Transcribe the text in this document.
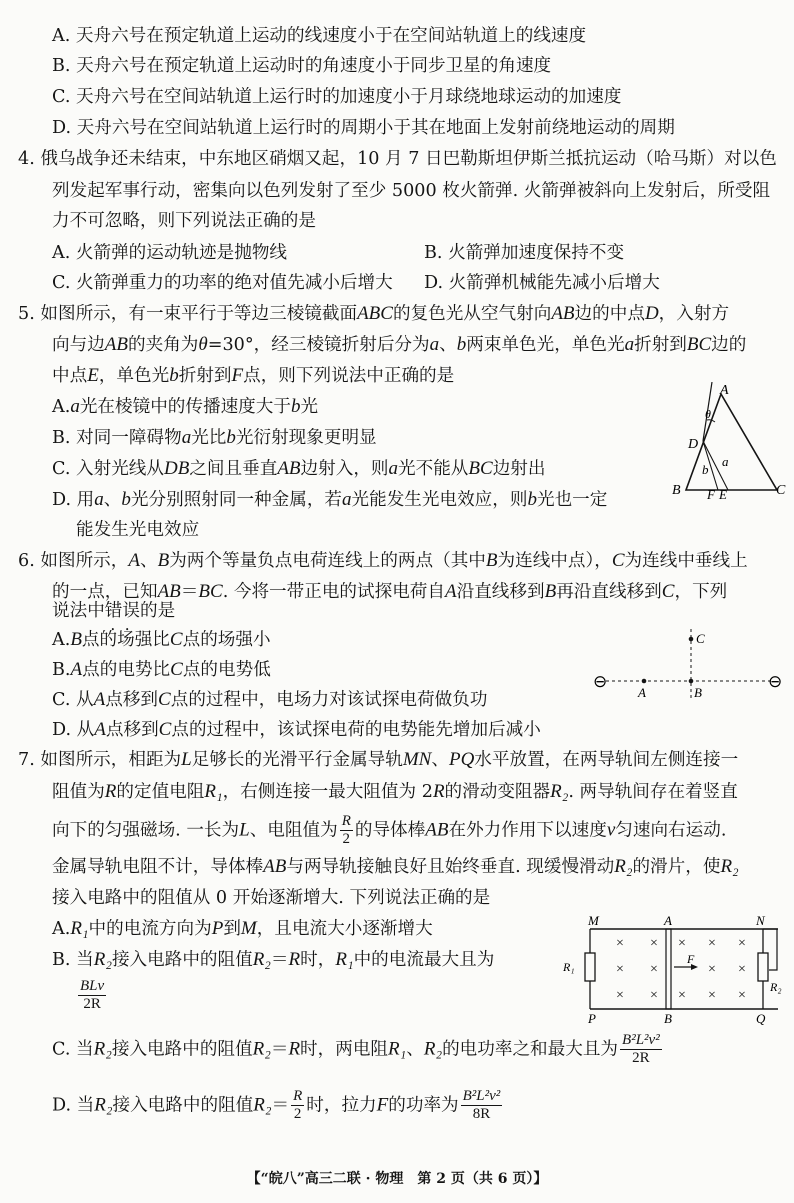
A. 天舟六号在预定轨道上运动的线速度小于在空间站轨道上的线速度
B. 天舟六号在预定轨道上运动时的角速度小于同步卫星的角速度
C. 天舟六号在空间站轨道上运行时的加速度小于月球绕地球运动的加速度
D. 天舟六号在空间站轨道上运行时的周期小于其在地面上发射前绕地运动的周期
4. 俄乌战争还未结束，中东地区硝烟又起，10 月 7 日巴勒斯坦伊斯兰抵抗运动（哈马斯）对以色
列发起军事行动，密集向以色列发射了至少 5000 枚火箭弹. 火箭弹被斜向上发射后，所受阻
力不可忽略，则下列说法正确的是
A. 火箭弹的运动轨迹是抛物线	B. 火箭弹加速度保持不变
C. 火箭弹重力的功率的绝对值先减小后增大 D. 火箭弹机械能先减小后增大
5. 如图所示，有一束平行于等边三棱镜截面ABC的复色光从空气射向AB边的中点D，入射方
向与边AB的夹角为θ=30°，经三棱镜折射后分为a、b两束单色光，单色光a折射到BC边的
中点E，单色光b折射到F点，则下列说法中正确的是
A.a光在棱镜中的传播速度大于b光
B. 对同一障碍物a光比b光衍射现象更明显
C. 入射光线从DB之间且垂直AB边射入，则a光不能从BC边射出
D. 用a、b光分别照射同一种金属，若a光能发生光电效应，则b光也一定
能发生光电效应
A
B	C
D
F E
θ
a
b
6. 如图所示，A、B为两个等量负点电荷连线上的两点（其中B为连线中点），C为连线中垂线上
的一点，已知AB＝BC. 今将一带正电的试探电荷自A沿直线移到B再沿直线移到C，下列
说法中错误 • •的是
A.B点的场强比C点的场强小
B.A点的电势比C点的电势低
C. 从A点移到C点的过程中，电场力对该试探电荷做负功
D. 从A点移到C点的过程中，该试探电荷的电势能先增加后减小
⊖	⊖
A	B
C
7. 如图所示，相距为L足够长的光滑平行金属导轨MN、PQ水平放置，在两导轨间左侧连接一
阻值为R的定值电阻R₁，右侧连接一最大阻值为 2R的滑动变阻器R₂. 两导轨间存在着竖直
向下的匀强磁场. 一长为L、电阻值为 $\frac{R}{2}$ 的导体棒AB在外力作用下以速度v匀速向右运动.
金属导轨电阻不计，导体棒AB与两导轨接触良好且始终垂直. 现缓慢滑动R₂的滑片，使R₂
接入电路中的阻值从 0 开始逐渐增大. 下列说法正确的是
A.R₁中的电流方向为P到M，且电流大小逐渐增大
B. 当R₂接入电路中的阻值R₂＝R时，R₁中的电流最大且为
$\frac{\text{BLv}}{2R}$
C. 当R₂接入电路中的阻值R₂＝R时，两电阻R₁、R₂的电功率之和最大且为 $\frac{\text{B²L²v²}}{2R}$
D. 当R₂接入电路中的阻值$R_2= \frac{R}{2}$ 时，拉力F的功率为 $\frac{\text{B²L²v²}}{8R}$
× ×
× ×
× ×
× × ×
× ×
× × ×
M	N
P	Q
A
B
R₁
R₂
F
【“皖八”高三二联 · 物理　第 2 页（共 6 页）】
